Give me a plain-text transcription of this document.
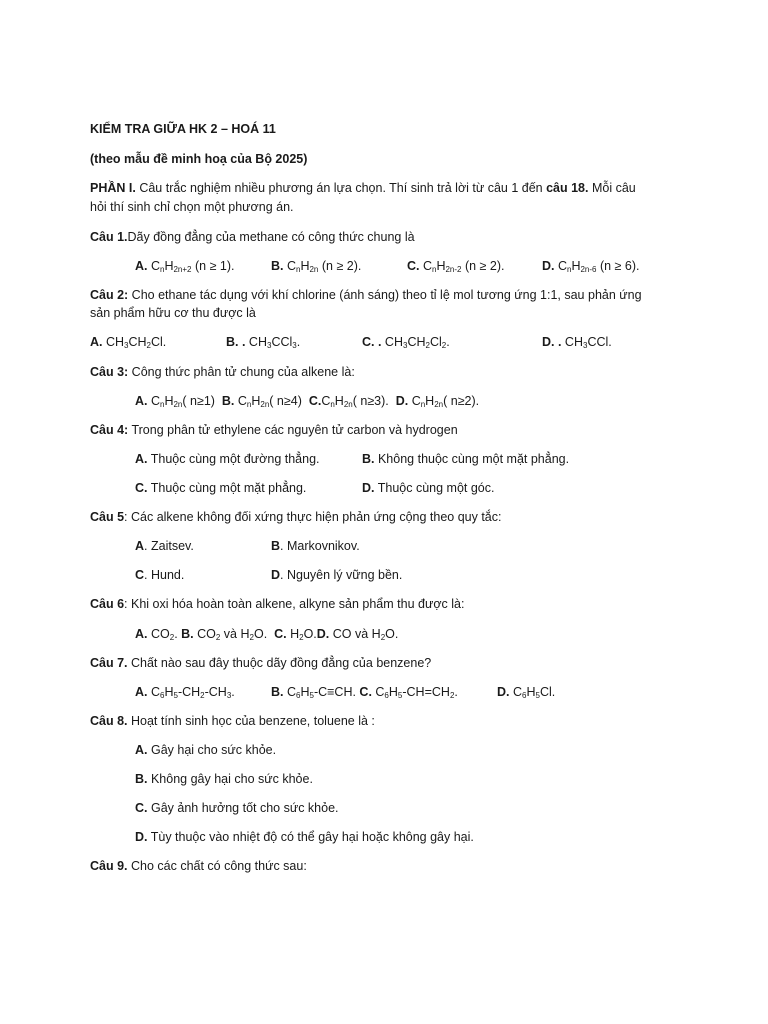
KIỂM TRA GIỮA HK 2 – HOÁ 11
(theo mẫu đề minh hoạ của Bộ 2025)
PHẦN I. Câu trắc nghiệm nhiều phương án lựa chọn. Thí sinh trả lời từ câu 1 đến câu 18. Mỗi câu
hỏi thí sinh chỉ chọn một phương án.
Câu 1.Dãy đồng đẳng của methane có công thức chung là
A. $C_nH_{2n+2}$ (n ≥ 1).	B. $C_nH_{2n}$ (n ≥ 2).	C. $C_nH_{2n-2}$ (n ≥ 2).	D. $C_nH_{2n-6}$ (n ≥ 6).
Câu 2: Cho ethane tác dụng với khí chlorine (ánh sáng) theo tỉ lệ mol tương ứng 1:1, sau phản ứng
sản phẩm hữu cơ thu được là
A. $CH_3CH_2Cl$.	B. . $CH_3CCl_3$.	C. . $CH_3CH_2Cl_2$.	D. . $CH_3CCl$.
Câu 3: Công thức phân tử chung của alkene là:
A. $C_nH_{2n}$( n≥1)  B. $C_nH_{2n}$( n≥4)  $C.C_nH_{2n}$( n≥3).  D. $C_nH_{2n}$( n≥2).
Câu 4: Trong phân tử ethylene các nguyên tử carbon và hydrogen
A. Thuộc cùng một đường thẳng.	B. Không thuộc cùng một mặt phẳng.
C. Thuộc cùng một mặt phẳng.	D. Thuộc cùng một góc.
Câu 5: Các alkene không đối xứng thực hiện phản ứng cộng theo quy tắc:
A. Zaitsev.	B. Markovnikov.
C. Hund.	D. Nguyên lý vững bền.
Câu 6: Khi oxi hóa hoàn toàn alkene, alkyne sản phẩm thu được là:
A. $CO_2$. B. $CO_2$ và $H_2O$.  C. $H_2O.D$. CO và $H_2O$.
Câu 7. Chất nào sau đây thuộc dãy đồng đẳng của benzene?
A. $C_6H_5-CH_2-CH_3$.	B. $C_6H_5-C\equiv CH$. C. $C_6H_5-CH=CH_2$.	D. $C_6H_5Cl$.
Câu 8. Hoạt tính sinh học của benzene, toluene là :
A. Gây hại cho sức khỏe.
B. Không gây hại cho sức khỏe.
C. Gây ảnh hưởng tốt cho sức khỏe.
D. Tùy thuộc vào nhiệt độ có thể gây hại hoặc không gây hại.
Câu 9. Cho các chất có công thức sau:
